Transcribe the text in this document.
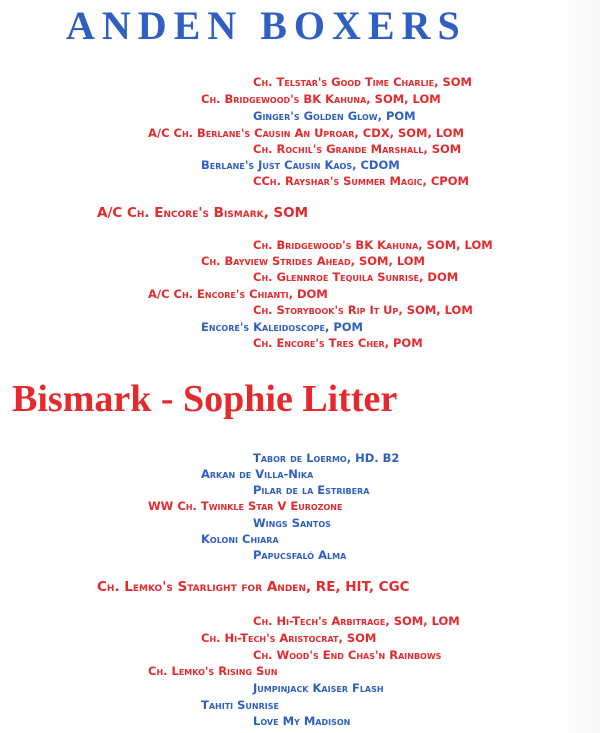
ANDEN BOXERS
Ch. Telstar's Good Time Charlie, SOM
Ch. Bridgewood's BK Kahuna, SOM, LOM
Ginger's Golden Glow, POM
A/C Ch. Berlane's Causin An Uproar, CDX, SOM, LOM
Ch. Rochil's Grande Marshall, SOM
Berlane's Just Causin Kaos, CDOM
CCh. Rayshar's Summer Magic, CPOM
A/C Ch. Encore's Bismark, SOM
Ch. Bridgewood's BK Kahuna, SOM, LOM
Ch. Bayview Strides Ahead, SOM, LOM
Ch. Glennroe Tequila Sunrise, DOM
A/C Ch. Encore's Chianti, DOM
Ch. Storybook's Rip It Up, SOM, LOM
Encore's Kaleidoscope, POM
Ch. Encore's Tres Cher, POM
Bismark - Sophie Litter
Tabor de Loermo, HD. B2
Arkan de Villa-Nika
Pilar de la Estribera
WW Ch. Twinkle Star V Eurozone
Wings Santos
Koloni Chiara
Papucsfaló Alma
Ch. Lemko's Starlight for Anden, RE, HIT, CGC
Ch. Hi-Tech's Arbitrage, SOM, LOM
Ch. Hi-Tech's Aristocrat, SOM
Ch. Wood's End Chas'n Rainbows
Ch. Lemko's Rising Sun
Jumpinjack Kaiser Flash
Tahiti Sunrise
Love My Madison
